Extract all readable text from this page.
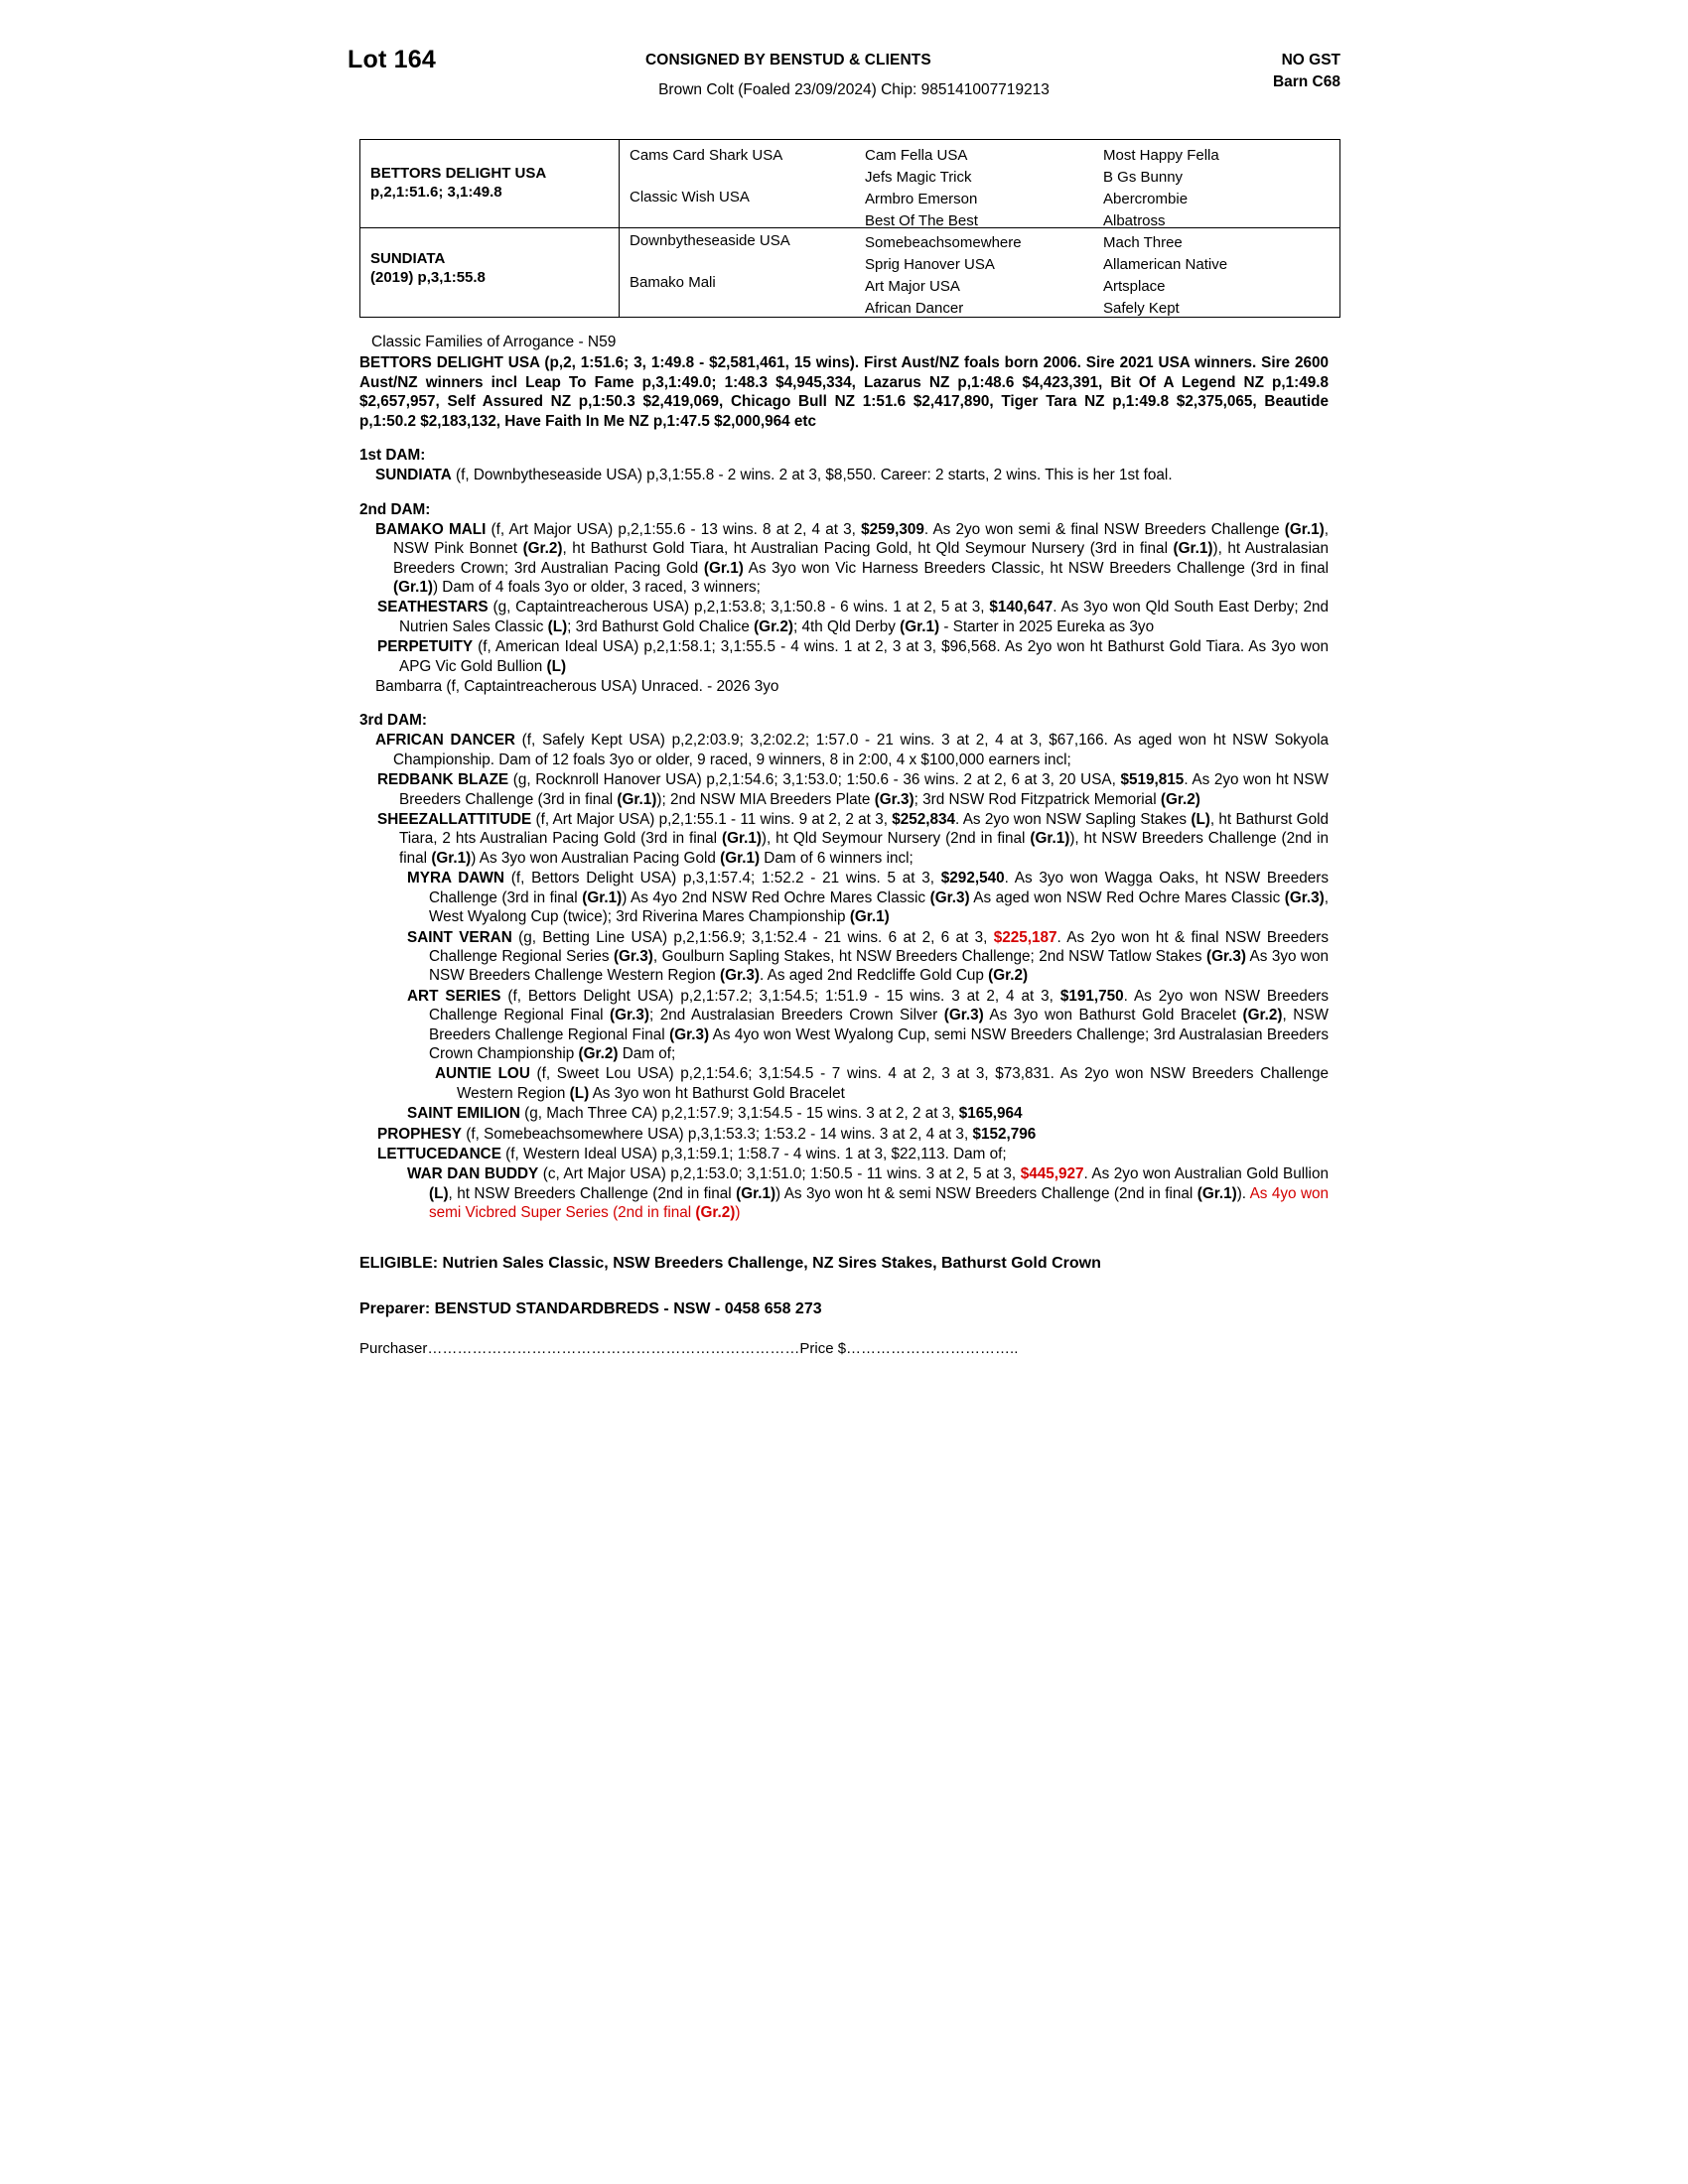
Lot 164	CONSIGNED BY BENSTUD & CLIENTS	NO GST
Barn C68
Brown Colt (Foaled 23/09/2024) Chip: 985141007719213
BETTORS DELIGHT USA
p,2,1:51.6; 3,1:49.8
SUNDIATA
(2019) p,3,1:55.8
Cams Card Shark USA
Classic Wish USA
Downbytheseaside USA
Bamako Mali
Cam Fella USA
Jefs Magic Trick
Armbro Emerson
Best Of The Best
Somebeachsomewhere
Sprig Hanover USA
Art Major USA
African Dancer
Most Happy Fella
B Gs Bunny
Abercrombie
Albatross
Mach Three
Allamerican Native
Artsplace
Safely Kept
Classic Families of Arrogance - N59
BETTORS DELIGHT USA (p,2, 1:51.6; 3, 1:49.8 - $2,581,461, 15 wins). First Aust/NZ foals born 2006. Sire 2021 USA winners. Sire 2600 Aust/NZ winners incl Leap To Fame p,3,1:49.0; 1:48.3 $4,945,334, Lazarus NZ p,1:48.6 $4,423,391, Bit Of A Legend NZ p,1:49.8 $2,657,957, Self Assured NZ p,1:50.3 $2,419,069, Chicago Bull NZ 1:51.6 $2,417,890, Tiger Tara NZ p,1:49.8 $2,375,065, Beautide p,1:50.2 $2,183,132, Have Faith In Me NZ p,1:47.5 $2,000,964 etc
1st DAM:
SUNDIATA (f, Downbytheseaside USA) p,3,1:55.8 - 2 wins. 2 at 3, $8,550. Career: 2 starts, 2 wins. This is her 1st foal.
2nd DAM:
BAMAKO MALI (f, Art Major USA) p,2,1:55.6 - 13 wins. 8 at 2, 4 at 3, $259,309. As 2yo won semi & final NSW Breeders Challenge (Gr.1), NSW Pink Bonnet (Gr.2), ht Bathurst Gold Tiara, ht Australian Pacing Gold, ht Qld Seymour Nursery (3rd in final (Gr.1)), ht Australasian Breeders Crown; 3rd Australian Pacing Gold (Gr.1) As 3yo won Vic Harness Breeders Classic, ht NSW Breeders Challenge (3rd in final (Gr.1)) Dam of 4 foals 3yo or older, 3 raced, 3 winners;
SEATHESTARS (g, Captaintreacherous USA) p,2,1:53.8; 3,1:50.8 - 6 wins. 1 at 2, 5 at 3, $140,647. As 3yo won Qld South East Derby; 2nd Nutrien Sales Classic (L); 3rd Bathurst Gold Chalice (Gr.2); 4th Qld Derby (Gr.1) - Starter in 2025 Eureka as 3yo
PERPETUITY (f, American Ideal USA) p,2,1:58.1; 3,1:55.5 - 4 wins. 1 at 2, 3 at 3, $96,568. As 2yo won ht Bathurst Gold Tiara. As 3yo won APG Vic Gold Bullion (L)
Bambarra (f, Captaintreacherous USA) Unraced. - 2026 3yo
3rd DAM:
AFRICAN DANCER (f, Safely Kept USA) p,2,2:03.9; 3,2:02.2; 1:57.0 - 21 wins. 3 at 2, 4 at 3, $67,166. As aged won ht NSW Sokyola Championship. Dam of 12 foals 3yo or older, 9 raced, 9 winners, 8 in 2:00, 4 x $100,000 earners incl;
REDBANK BLAZE (g, Rocknroll Hanover USA) p,2,1:54.6; 3,1:53.0; 1:50.6 - 36 wins. 2 at 2, 6 at 3, 20 USA, $519,815. As 2yo won ht NSW Breeders Challenge (3rd in final (Gr.1)); 2nd NSW MIA Breeders Plate (Gr.3); 3rd NSW Rod Fitzpatrick Memorial (Gr.2)
SHEEZALLATTITUDE (f, Art Major USA) p,2,1:55.1 - 11 wins. 9 at 2, 2 at 3, $252,834. As 2yo won NSW Sapling Stakes (L), ht Bathurst Gold Tiara, 2 hts Australian Pacing Gold (3rd in final (Gr.1)), ht Qld Seymour Nursery (2nd in final (Gr.1)), ht NSW Breeders Challenge (2nd in final (Gr.1)) As 3yo won Australian Pacing Gold (Gr.1) Dam of 6 winners incl;
MYRA DAWN (f, Bettors Delight USA) p,3,1:57.4; 1:52.2 - 21 wins. 5 at 3, $292,540. As 3yo won Wagga Oaks, ht NSW Breeders Challenge (3rd in final (Gr.1)) As 4yo 2nd NSW Red Ochre Mares Classic (Gr.3) As aged won NSW Red Ochre Mares Classic (Gr.3), West Wyalong Cup (twice); 3rd Riverina Mares Championship (Gr.1)
SAINT VERAN (g, Betting Line USA) p,2,1:56.9; 3,1:52.4 - 21 wins. 6 at 2, 6 at 3, $225,187. As 2yo won ht & final NSW Breeders Challenge Regional Series (Gr.3), Goulburn Sapling Stakes, ht NSW Breeders Challenge; 2nd NSW Tatlow Stakes (Gr.3) As 3yo won NSW Breeders Challenge Western Region (Gr.3). As aged 2nd Redcliffe Gold Cup (Gr.2)
ART SERIES (f, Bettors Delight USA) p,2,1:57.2; 3,1:54.5; 1:51.9 - 15 wins. 3 at 2, 4 at 3, $191,750. As 2yo won NSW Breeders Challenge Regional Final (Gr.3); 2nd Australasian Breeders Crown Silver (Gr.3) As 3yo won Bathurst Gold Bracelet (Gr.2), NSW Breeders Challenge Regional Final (Gr.3) As 4yo won West Wyalong Cup, semi NSW Breeders Challenge; 3rd Australasian Breeders Crown Championship (Gr.2) Dam of;
AUNTIE LOU (f, Sweet Lou USA) p,2,1:54.6; 3,1:54.5 - 7 wins. 4 at 2, 3 at 3, $73,831. As 2yo won NSW Breeders Challenge Western Region (L) As 3yo won ht Bathurst Gold Bracelet
SAINT EMILION (g, Mach Three CA) p,2,1:57.9; 3,1:54.5 - 15 wins. 3 at 2, 2 at 3, $165,964
PROPHESY (f, Somebeachsomewhere USA) p,3,1:53.3; 1:53.2 - 14 wins. 3 at 2, 4 at 3, $152,796
LETTUCEDANCE (f, Western Ideal USA) p,3,1:59.1; 1:58.7 - 4 wins. 1 at 3, $22,113. Dam of;
WAR DAN BUDDY (c, Art Major USA) p,2,1:53.0; 3,1:51.0; 1:50.5 - 11 wins. 3 at 2, 5 at 3, $445,927. As 2yo won Australian Gold Bullion (L), ht NSW Breeders Challenge (2nd in final (Gr.1)) As 3yo won ht & semi NSW Breeders Challenge (2nd in final (Gr.1)). As 4yo won semi Vicbred Super Series (2nd in final (Gr.2))
ELIGIBLE: Nutrien Sales Classic, NSW Breeders Challenge, NZ Sires Stakes, Bathurst Gold Crown
Preparer: BENSTUD STANDARDBREDS - NSW - 0458 658 273
Purchaser…………………………………………………………………Price $……………………………..
